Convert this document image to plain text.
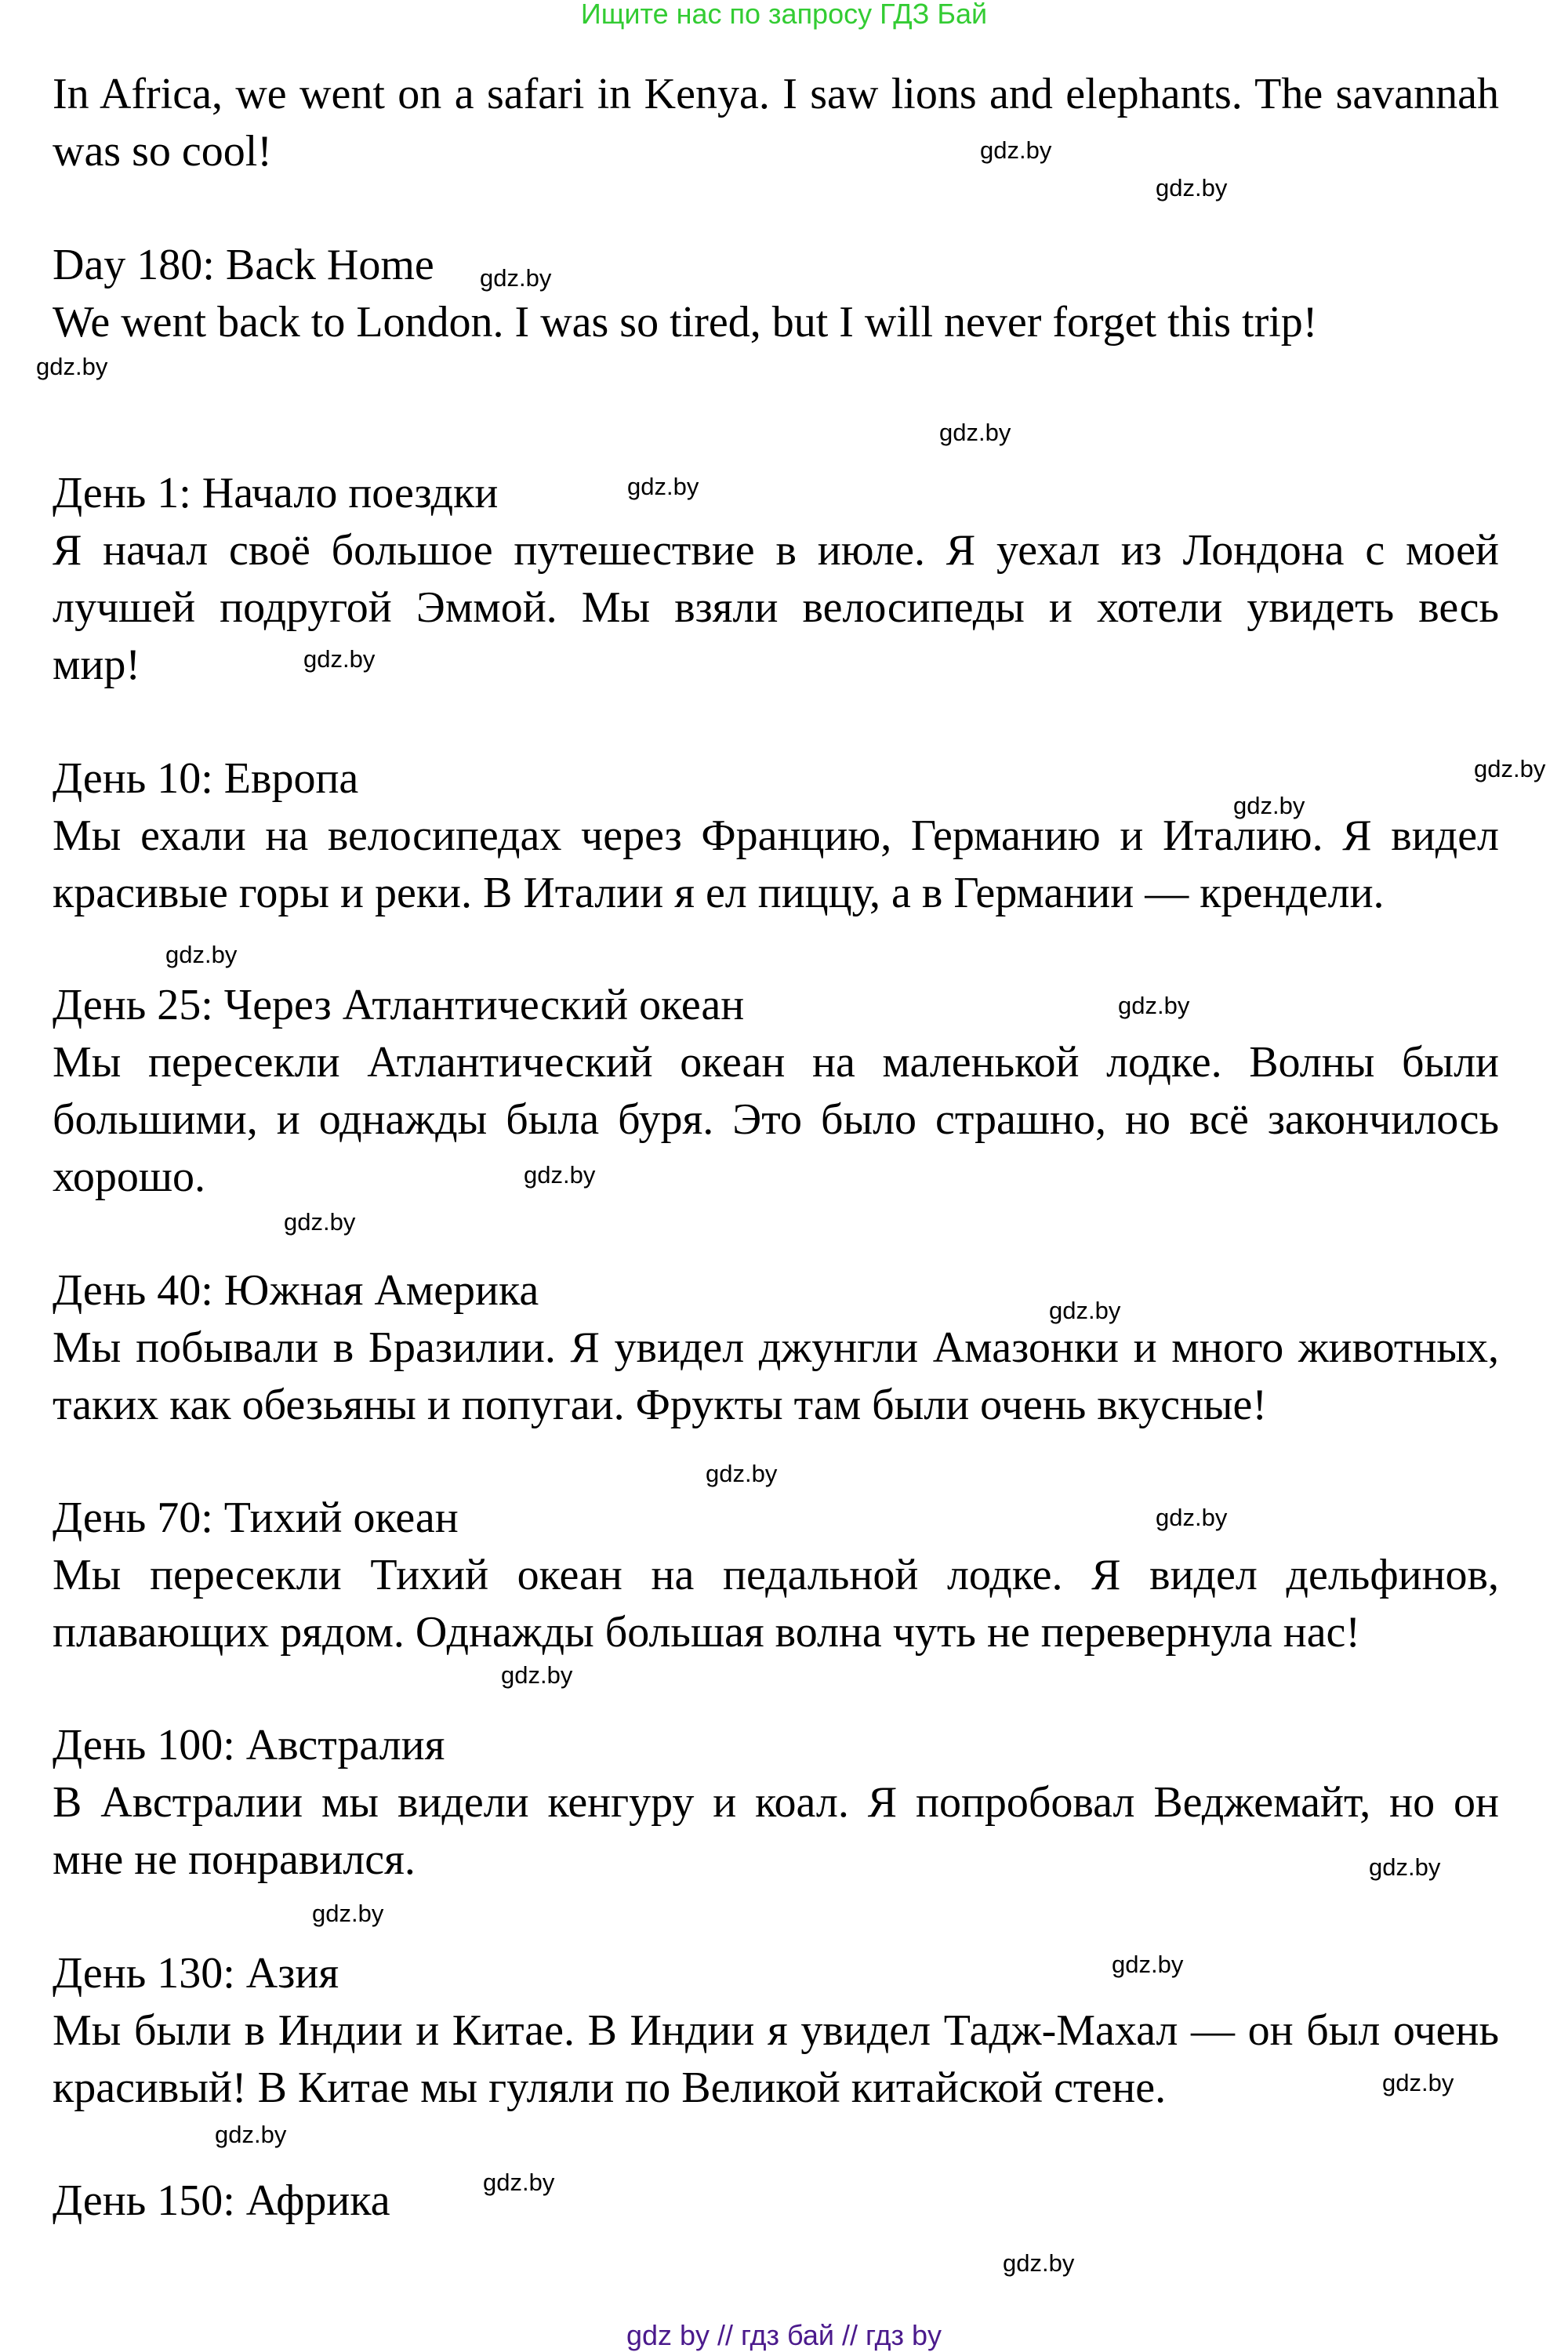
Ищите нас по запросу ГДЗ Бай
In Africa, we went on a safari in Kenya. I saw lions and elephants. The savannah
was so cool!
Day 180: Back Home
We went back to London. I was so tired, but I will never forget this trip!
День 1: Начало поездки
Я начал своё большое путешествие в июле. Я уехал из Лондона с моей
лучшей подругой Эммой. Мы взяли велосипеды и хотели увидеть весь
мир!
День 10: Европа
Мы ехали на велосипедах через Францию, Германию и Италию. Я видел
красивые горы и реки. В Италии я ел пиццу, а в Германии — крендели.
День 25: Через Атлантический океан
Мы пересекли Атлантический океан на маленькой лодке. Волны были
большими, и однажды была буря. Это было страшно, но всё закончилось
хорошо.
День 40: Южная Америка
Мы побывали в Бразилии. Я увидел джунгли Амазонки и много животных,
таких как обезьяны и попугаи. Фрукты там были очень вкусные!
День 70: Тихий океан
Мы пересекли Тихий океан на педальной лодке. Я видел дельфинов,
плавающих рядом. Однажды большая волна чуть не перевернула нас!
День 100: Австралия
В Австралии мы видели кенгуру и коал. Я попробовал Веджемайт, но он
мне не понравился.
День 130: Азия
Мы были в Индии и Китае. В Индии я увидел Тадж-Махал — он был очень
красивый! В Китае мы гуляли по Великой китайской стене.
День 150: Африка
gdz by // гдз бай // гдз by
gdz.by
gdz.by
gdz.by
gdz.by
gdz.by
gdz.by
gdz.by
gdz.by
gdz.by
gdz.by
gdz.by
gdz.by
gdz.by
gdz.by
gdz.by
gdz.by
gdz.by
gdz.by
gdz.by
gdz.by
gdz.by
gdz.by
gdz.by
gdz.by
